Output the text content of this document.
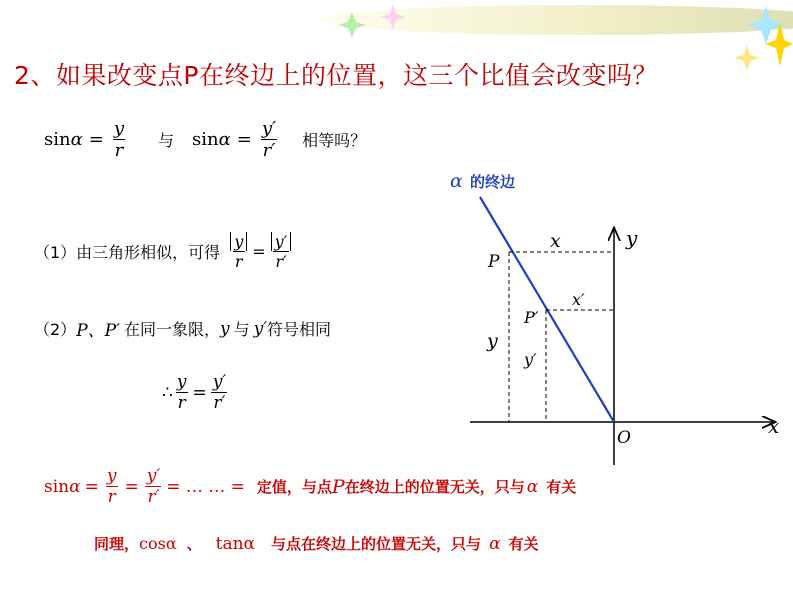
2、如果改变点P在终边上的位置，这三个比值会改变吗？
$\sin \alpha = \frac{y}{r}$ 与 $\sin \alpha = \frac{y'}{r'}$ 相等吗？
（1）由三角形相似，可得 $\frac{y}{r} = \frac{y'}{r'}$
（2） P、P′ 在同一象限， y 与 y′ 符号相同
∴ $\frac{y}{r} = \frac{y'}{r'}$
$\sin \alpha = \frac{y}{r} = \frac{y'}{r'}$ = … … = 定值，与点 P 在终边上的位置无关，只与 α 有关
同理， cosα 、 tanα 与点在终边上的位置无关，只与 α 有关
α 的终边
x
y
O
P
P′
x
x′
y
y′
